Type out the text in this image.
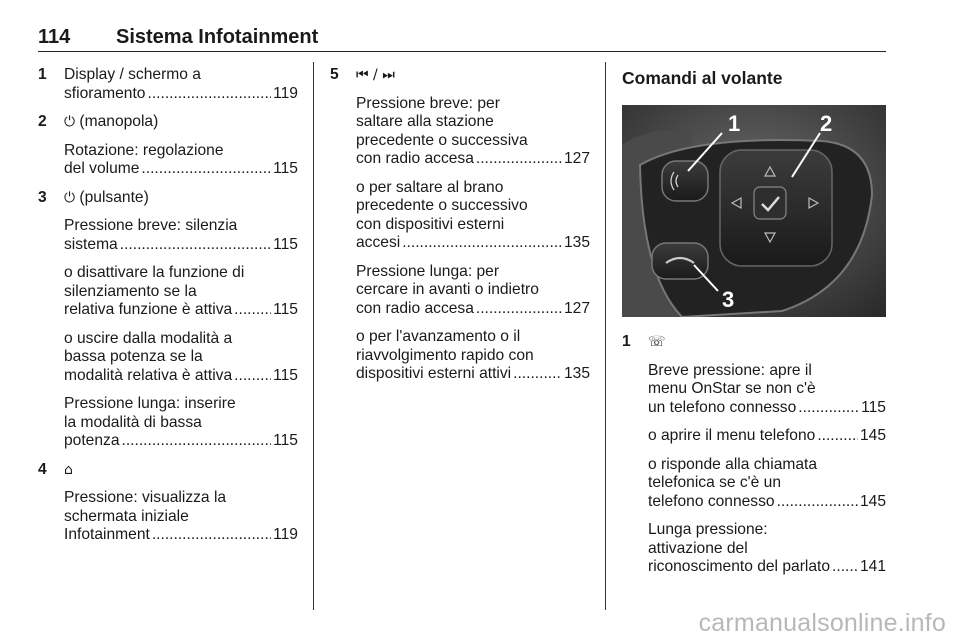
114 Sistema Infotainment
1 Display / schermo a
sfioramento .....	119
2 ⏻ (manopola)
Rotazione: regolazione
del volume .....	115
3 ⏻ (pulsante)
Pressione breve: silenzia
sistema .....	115
o disattivare la funzione di
silenziamento se la
relativa funzione è attiva .....	115
o uscire dalla modalità a
bassa potenza se la
modalità relativa è attiva .....	115
Pressione lunga: inserire
la modalità di bassa
potenza .....	115
4 ⌂
Pressione: visualizza la
schermata iniziale
Infotainment .....	119
5 ⏮ / ⏭
Pressione breve: per
saltare alla stazione
precedente o successiva
con radio accesa .....	127
o per saltare al brano
precedente o successivo
con dispositivi esterni
accesi .....	135
Pressione lunga: per
cercare in avanti o indietro
con radio accesa .....	127
o per l'avanzamento o il
riavvolgimento rapido con
dispositivi esterni attivi .....	135
Comandi al volante
1	2
3
1 ☏
Breve pressione: apre il
menu OnStar se non c'è
un telefono connesso .....	115
o aprire il menu telefono .....	145
o risponde alla chiamata
telefonica se c'è un
telefono connesso .....	145
Lunga pressione:
attivazione del
riconoscimento del parlato ..... 141
carmanualsonline.info
